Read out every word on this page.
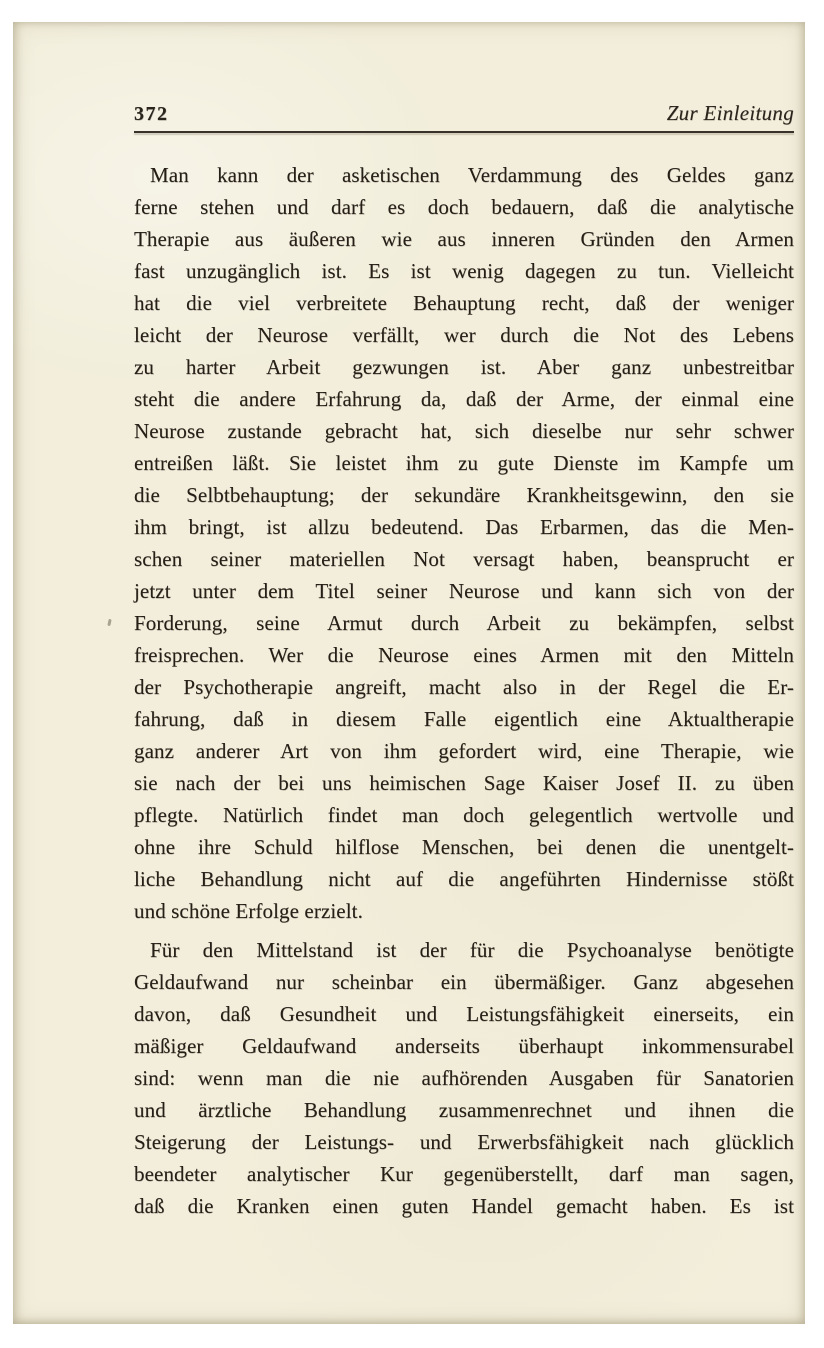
372	Zur Einleitung

Man kann der asketischen Verdammung des Geldes ganz
ferne stehen und darf es doch bedauern, daß die analytische
Therapie aus äußeren wie aus inneren Gründen den Armen
fast unzugänglich ist. Es ist wenig dagegen zu tun. Vielleicht
hat die viel verbreitete Behauptung recht, daß der weniger
leicht der Neurose verfällt, wer durch die Not des Lebens
zu harter Arbeit gezwungen ist. Aber ganz unbestreitbar
steht die andere Erfahrung da, daß der Arme, der einmal eine
Neurose zustande gebracht hat, sich dieselbe nur sehr schwer
entreißen läßt. Sie leistet ihm zu gute Dienste im Kampfe um
die Selbtbehauptung; der sekundäre Krankheitsgewinn, den sie
ihm bringt, ist allzu bedeutend. Das Erbarmen, das die Men-
schen seiner materiellen Not versagt haben, beansprucht er
jetzt unter dem Titel seiner Neurose und kann sich von der
Forderung, seine Armut durch Arbeit zu bekämpfen, selbst
freisprechen. Wer die Neurose eines Armen mit den Mitteln
der Psychotherapie angreift, macht also in der Regel die Er-
fahrung, daß in diesem Falle eigentlich eine Aktualtherapie
ganz anderer Art von ihm gefordert wird, eine Therapie, wie
sie nach der bei uns heimischen Sage Kaiser Josef II. zu üben
pflegte. Natürlich findet man doch gelegentlich wertvolle und
ohne ihre Schuld hilflose Menschen, bei denen die unentgelt-
liche Behandlung nicht auf die angeführten Hindernisse stößt
und schöne Erfolge erzielt.

Für den Mittelstand ist der für die Psychoanalyse benötigte
Geldaufwand nur scheinbar ein übermäßiger. Ganz abgesehen
davon, daß Gesundheit und Leistungsfähigkeit einerseits, ein
mäßiger Geldaufwand anderseits überhaupt inkommensurabel
sind: wenn man die nie aufhörenden Ausgaben für Sanatorien
und ärztliche Behandlung zusammenrechnet und ihnen die
Steigerung der Leistungs- und Erwerbsfähigkeit nach glücklich
beendeter analytischer Kur gegenüberstellt, darf man sagen,
daß die Kranken einen guten Handel gemacht haben. Es ist
